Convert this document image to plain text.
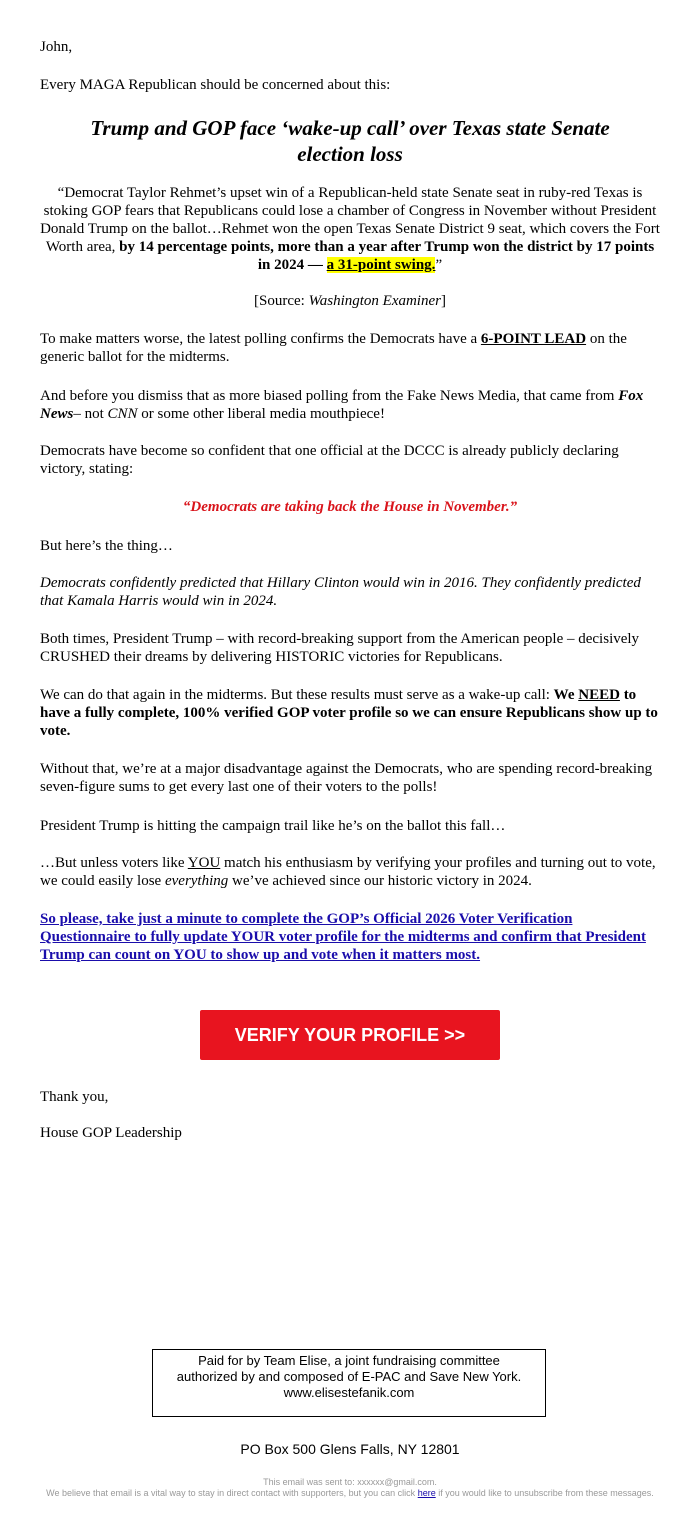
John,

Every MAGA Republican should be concerned about this:

Trump and GOP face ‘wake-up call’ over Texas state Senate election loss

“Democrat Taylor Rehmet’s upset win of a Republican-held state Senate seat in ruby-red Texas is stoking GOP fears that Republicans could lose a chamber of Congress in November without President Donald Trump on the ballot…Rehmet won the open Texas Senate District 9 seat, which covers the Fort Worth area, by 14 percentage points, more than a year after Trump won the district by 17 points in 2024 — a 31-point swing.”

[Source: Washington Examiner]

To make matters worse, the latest polling confirms the Democrats have a 6-POINT LEAD on the generic ballot for the midterms.

And before you dismiss that as more biased polling from the Fake News Media, that came from Fox News– not CNN or some other liberal media mouthpiece!

Democrats have become so confident that one official at the DCCC is already publicly declaring victory, stating:

“Democrats are taking back the House in November.”

But here’s the thing…

Democrats confidently predicted that Hillary Clinton would win in 2016. They confidently predicted that Kamala Harris would win in 2024.

Both times, President Trump – with record-breaking support from the American people – decisively CRUSHED their dreams by delivering HISTORIC victories for Republicans.

We can do that again in the midterms. But these results must serve as a wake-up call: We NEED to have a fully complete, 100% verified GOP voter profile so we can ensure Republicans show up to vote.

Without that, we’re at a major disadvantage against the Democrats, who are spending record-breaking seven-figure sums to get every last one of their voters to the polls!

President Trump is hitting the campaign trail like he’s on the ballot this fall…

…But unless voters like YOU match his enthusiasm by verifying your profiles and turning out to vote, we could easily lose everything we’ve achieved since our historic victory in 2024.

So please, take just a minute to complete the GOP’s Official 2026 Voter Verification Questionnaire to fully update YOUR voter profile for the midterms and confirm that President Trump can count on YOU to show up and vote when it matters most.

VERIFY YOUR PROFILE >>

Thank you,

House GOP Leadership

Paid for by Team Elise, a joint fundraising committee
authorized by and composed of E-PAC and Save New York.
www.elisestefanik.com
PO Box 500 Glens Falls, NY 12801
This email was sent to: xxxxxx@gmail.com.
We believe that email is a vital way to stay in direct contact with supporters, but you can click here if you would like to unsubscribe from these messages.
